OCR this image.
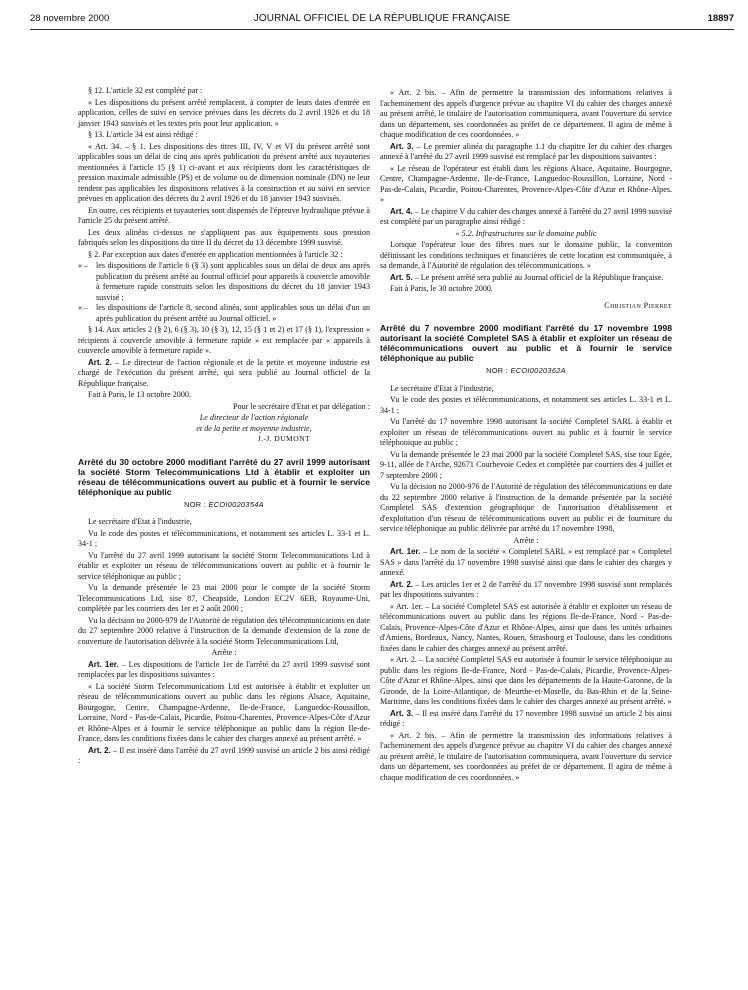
28 novembre 2000	JOURNAL OFFICIEL DE LA RÉPUBLIQUE FRANÇAISE	18897

§ 12. L'article 32 est complété par :

« Les dispositions du présent arrêté remplacent, à compter de leurs dates d'entrée en application, celles de suivi en service prévues dans les décrets du 2 avril 1926 et du 18 janvier 1943 susvisés et les textes pris pour leur application. »

§ 13. L'article 34 est ainsi rédigé :

« Art. 34. – § 1. Les dispositions des titres III, IV, V et VI du présent arrêté sont applicables sous un délai de cinq ans après publication du présent arrêté aux tuyauteries mentionnées à l'article 15 (§ 1) ci-avant et aux récipients dont les caractéristiques de pression maximale admissible (PS) et de volume ou de dimension nominale (DN) ne leur rendent pas applicables les dispositions relatives à la construction et au suivi en service prévues en application des décrets du 2 avril 1926 et du 18 janvier 1943 susvisés.

En outre, ces récipients et tuyauteries sont dispensés de l'épreuve hydraulique prévue à l'article 25 du présent arrêté.

Les deux alinéas ci-dessus ne s'appliquent pas aux équipements sous pression fabriqués selon les dispositions du titre II du décret du 13 décembre 1999 susvisé.

§ 2. Par exception aux dates d'entrée en application mentionnées à l'article 32 :

« – les dispositions de l'article 6 (§ 3) sont applicables sous un délai de deux ans après publication du présent arrêté au Journal officiel pour appareils à couvercle amovible à fermeture rapide construits selon les dispositions du décret du 18 janvier 1943 susvisé ;
« – les dispositions de l'article 8, second alinéa, sont applicables sous un délai d'un an après publication du présent arrêté au Journal officiel. »

§ 14. Aux articles 2 (§ 2), 6 (§ 3), 10 (§ 3), 12, 15 (§ 1 et 2) et 17 (§ 1), l'expression « récipients à couvercle amovible à fermeture rapide » est remplacée par « appareils à couvercle amovible à fermeture rapide ».

Art. 2. – Le directeur de l'action régionale et de la petite et moyenne industrie est chargé de l'exécution du présent arrêté, qui sera publié au Journal officiel de la République française.

Fait à Paris, le 13 octobre 2000.

Pour le secrétaire d'Etat et par délégation :

Le directeur de l'action régionale

et de la petite et moyenne industrie,

J.-J. DUMONT

Arrêté du 30 octobre 2000 modifiant l'arrêté du 27 avril 1999 autorisant la société Storm Telecommunications Ltd à établir et exploiter un réseau de télécommunications ouvert au public et à fournir le service téléphonique au public
NOR : ECOI0020354A

Le secrétaire d'Etat à l'industrie,

Vu le code des postes et télécommunications, et notamment ses articles L. 33-1 et L. 34-1 ;

Vu l'arrêté du 27 avril 1999 autorisant la société Storm Telecommunications Ltd à établir et exploiter un réseau de télécommunications ouvert au public et à fournir le service téléphonique au public ;

Vu la demande présentée le 23 mai 2000 pour le compte de la société Storm Telecommunications Ltd, sise 87, Cheapside, London EC2V 6EB, Royaume-Uni, complétée par les courriers des 1er et 2 août 2000 ;

Vu la décision no 2000-979 de l'Autorité de régulation des télécommunications en date du 27 septembre 2000 relative à l'instruction de la demande d'extension de la zone de couverture de l'autorisation délivrée à la société Storm Telecommunications Ltd,

Arrête :

Art. 1er. – Les dispositions de l'article 1er de l'arrêté du 27 avril 1999 susvisé sont remplacées par les dispositions suivantes :

« La société Storm Telecommunications Ltd est autorisée à établir et exploiter un réseau de télécommunications ouvert au public dans les régions Alsace, Aquitaine, Bourgogne, Centre, Champagne-Ardenne, Ile-de-France, Languedoc-Roussillon, Lorraine, Nord - Pas-de-Calais, Picardie, Poitou-Charentes, Provence-Alpes-Côte d'Azur et Rhône-Alpes et à fournir le service téléphonique au public dans la région Ile-de-France, dans les conditions fixées dans le cahier des charges annexé au présent arrêté. »

Art. 2. – Il est inséré dans l'arrêté du 27 avril 1999 susvisé un article 2 bis ainsi rédigé :

« Art. 2 bis. – Afin de permettre la transmission des informations relatives à l'acheminement des appels d'urgence prévue au chapitre VI du cahier des charges annexé au présent arrêté, le titulaire de l'autorisation communiquera, avant l'ouverture du service dans un département, ses coordonnées au préfet de ce département. Il agira de même à chaque modification de ces coordonnées. »

Art. 3. – Le premier alinéa du paragraphe 1.1 du chapitre Ier du cahier des charges annexé à l'arrêté du 27 avril 1999 susvisé est remplacé par les dispositions suivantes :

« Le réseau de l'opérateur est établi dans les régions Alsace, Aquitaine, Bourgogne, Centre, Champagne-Ardenne, Ile-de-France, Languedoc-Roussillon, Lorraine, Nord - Pas-de-Calais, Picardie, Poitou-Charentes, Provence-Alpes-Côte d'Azur et Rhône-Alpes. »

Art. 4. – Le chapitre V du cahier des charges annexé à l'arrêté du 27 avril 1999 susvisé est complété par un paragraphe ainsi rédigé :

« 5.2. Infrastructures sur le domaine public

Lorsque l'opérateur loue des fibres nues sur le domaine public, la convention définissant les conditions techniques et financières de cette location est communiquée, à sa demande, à l'Autorité de régulation des télécommunications. »

Art. 5. – Le présent arrêté sera publié au Journal officiel de la République française.

Fait à Paris, le 30 octobre 2000.

Christian Pierret

Arrêté du 7 novembre 2000 modifiant l'arrêté du 17 novembre 1998 autorisant la société Completel SAS à établir et exploiter un réseau de télécommunications ouvert au public et à fournir le service téléphonique au public
NOR : ECOI0020362A

Le secrétaire d'Etat à l'industrie,

Vu le code des postes et télécommunications, et notamment ses articles L. 33-1 et L. 34-1 ;

Vu l'arrêté du 17 novembre 1998 autorisant la société Completel SARL à établir et exploiter un réseau de télécommunications ouvert au public et à fournir le service téléphonique au public ;

Vu la demande présentée le 23 mai 2000 par la société Completel SAS, sise tour Egée, 9-11, allée de l'Arche, 92671 Courbevoie Cedex et complétée par courriers des 4 juillet et 7 septembre 2000 ;

Vu la décision no 2000-976 de l'Autorité de régulation des télécommunications en date du 22 septembre 2000 relative à l'instruction de la demande présentée par la société Completel SAS d'extension géographique de l'autorisation d'établissement et d'exploitation d'un réseau de télécommunications ouvert au public et de fourniture du service téléphonique au public délivrée par arrêté du 17 novembre 1998,

Arrête :

Art. 1er. – Le nom de la société « Completel SARL » est remplacé par « Completel SAS » dans l'arrêté du 17 novembre 1998 susvisé ainsi que dans le cahier des charges y annexé.

Art. 2. – Les articles 1er et 2 de l'arrêté du 17 novembre 1998 susvisé sont remplacés par les dispositions suivantes :

« Art. 1er. – La société Completel SAS est autorisée à établir et exploiter un réseau de télécommunications ouvert au public dans les régions Ile-de-France, Nord - Pas-de-Calais, Provence-Alpes-Côte d'Azur et Rhône-Alpes, ainsi que dans les unités urbaines d'Amiens, Bordeaux, Nancy, Nantes, Rouen, Strasbourg et Toulouse, dans les conditions fixées dans le cahier des charges annexé au présent arrêté.

« Art. 2. – La société Completel SAS est autorisée à fournir le service téléphonique au public dans les régions Ile-de-France, Nord - Pas-de-Calais, Picardie, Provence-Alpes-Côte d'Azur et Rhône-Alpes, ainsi que dans les départements de la Haute-Garonne, de la Gironde, de la Loire-Atlantique, de Meurthe-et-Moselle, du Bas-Rhin et de la Seine-Maritime, dans les conditions fixées dans le cahier des charges annexé au présent arrêté. »

Art. 3. – Il est inséré dans l'arrêté du 17 novembre 1998 susvisé un article 2 bis ainsi rédigé :

« Art. 2 bis. – Afin de permettre la transmission des informations relatives à l'acheminement des appels d'urgence prévue au chapitre VI du cahier des charges annexé au présent arrêté, le titulaire de l'autorisation communiquera, avant l'ouverture du service dans un département, ses coordonnées au préfet de ce département. Il agira de même à chaque modification de ces coordonnées. »
